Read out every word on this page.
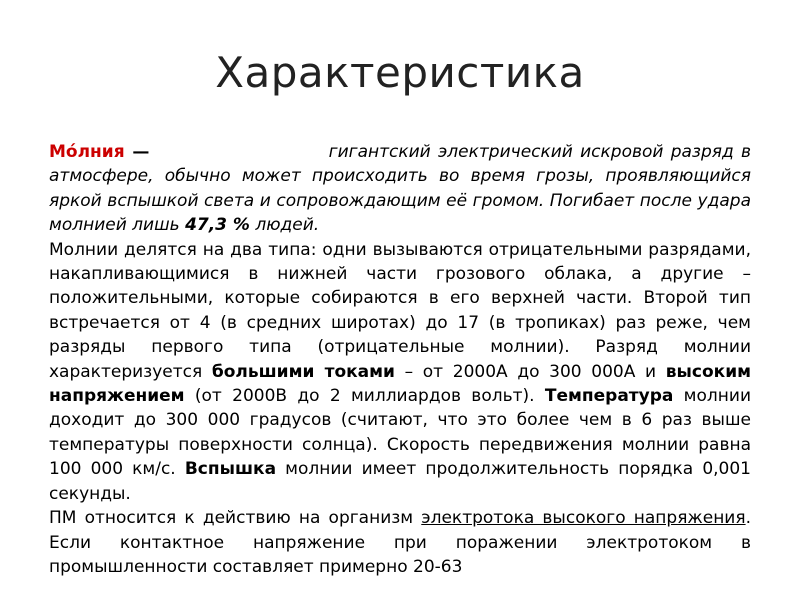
Характеристика

Мóлния —	гигантский электрический искровой разряд в атмосфере, обычно может происходить во время грозы, проявляющийся яркой вспышкой света и сопровождающим её громом. Погибает после удара молнией лишь 47,3 % людей.

Молнии делятся на два типа: одни вызываются отрицательными разрядами, накапливающимися в нижней части грозового облака, а другие – положительными, которые собираются в его верхней части. Второй тип встречается от 4 (в средних широтах) до 17 (в тропиках) раз реже, чем разряды первого типа (отрицательные молнии). Разряд молнии характеризуется большими токами – от 2000А до 300 000А и высоким напряжением (от 2000В до 2 миллиардов вольт). Температура молнии доходит до 300 000 градусов (считают, что это более чем в 6 раз выше температуры поверхности солнца). Скорость передвижения молнии равна 100 000 км/с. Вспышка молнии имеет продолжительность порядка 0,001 секунды.

ПМ относится к действию на организм электротока высокого напряжения. Если контактное напряжение при поражении электротоком в промышленности составляет примерно 20-63
